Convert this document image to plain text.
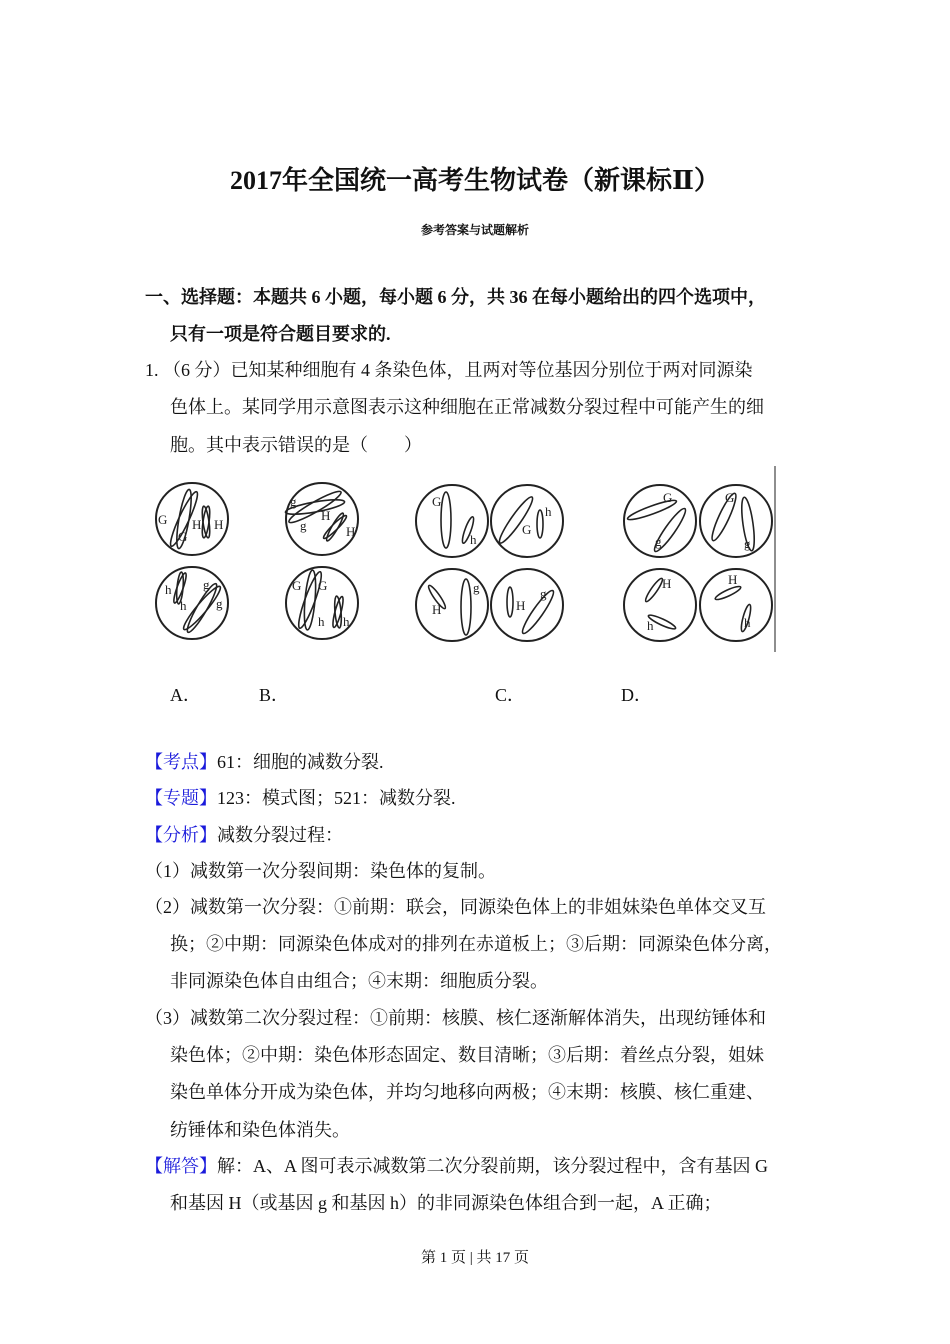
2017年全国统一高考生物试卷（新课标Ⅱ）
参考答案与试题解析
一、选择题：本题共 6 小题，每小题 6 分，共 36 在每小题给出的四个选项中，
只有一项是符合题目要求的.
1. （6 分）已知某种细胞有 4 条染色体，且两对等位基因分别位于两对同源染
色体上。某同学用示意图表示这种细胞在正常减数分裂过程中可能产生的细
胞。其中表示错误的是（　　）
G
G
H H
h
h
g
g
g
g
H
H
G G
h h
G
h
G
h
H
g
H
g
G
g
G
g
H
h
H
h
A．	B．	C．	D．
【考点】61：细胞的减数分裂.
【专题】123：模式图；521：减数分裂.
【分析】减数分裂过程：
（1）减数第一次分裂间期：染色体的复制。
（2）减数第一次分裂：①前期：联会，同源染色体上的非姐妹染色单体交叉互
换；②中期：同源染色体成对的排列在赤道板上；③后期：同源染色体分离，
非同源染色体自由组合；④末期：细胞质分裂。
（3）减数第二次分裂过程：①前期：核膜、核仁逐渐解体消失，出现纺锤体和
染色体；②中期：染色体形态固定、数目清晰；③后期：着丝点分裂，姐妹
染色单体分开成为染色体，并均匀地移向两极；④末期：核膜、核仁重建、
纺锤体和染色体消失。
【解答】解：A、A 图可表示减数第二次分裂前期，该分裂过程中，含有基因 G
和基因 H（或基因 g 和基因 h）的非同源染色体组合到一起，A 正确；
第 1 页 | 共 17 页
